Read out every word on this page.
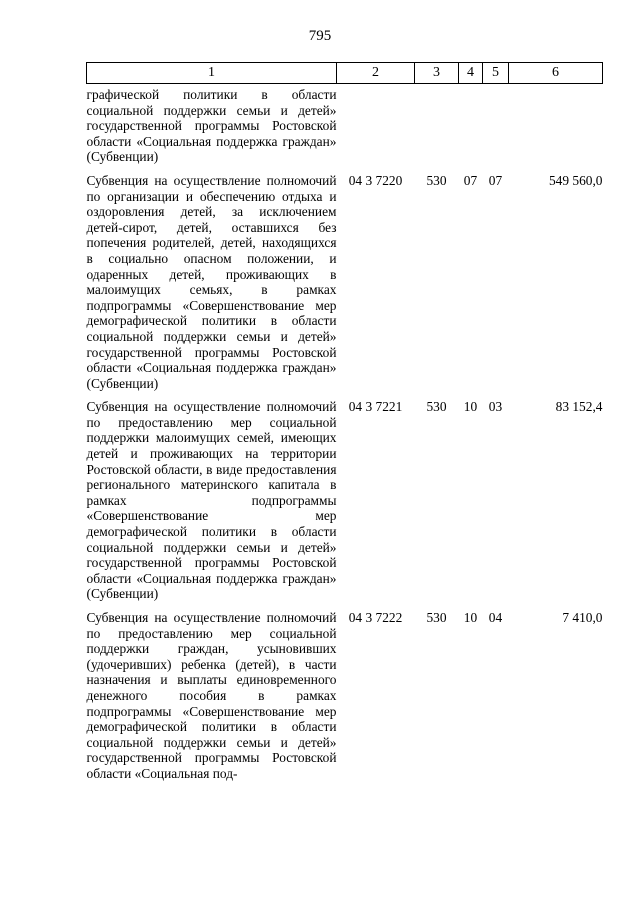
795
1	2	3	4	5	6
графической политики в области социальной поддержки семьи и детей» государственной программы Ростовской области «Социальная поддержка граждан» (Субвенции)					
Субвенция на осуществление полномочий по организации и обеспечению отдыха и оздоровления детей, за исключением детей-сирот, детей, оставшихся без попечения родителей, детей, находящихся в социально опасном положении, и одаренных детей, проживающих в малоимущих семьях, в рамках подпрограммы «Совершенствование мер демографической политики в области социальной поддержки семьи и детей» государственной программы Ростовской области «Социальная поддержка граждан» (Субвенции)	04 3 7220	530	07	07	549 560,0
Субвенция на осуществление полномочий по предоставлению мер социальной поддержки малоимущих семей, имеющих детей и проживающих на территории Ростовской области, в виде предоставления регионального материнского капитала в рамках подпрограммы «Совершенствование мер демографической политики в области социальной поддержки семьи и детей» государственной программы Ростовской области «Социальная поддержка граждан» (Субвенции)	04 3 7221	530	10	03	83 152,4
Субвенция на осуществление полномочий по предоставлению мер социальной поддержки граждан, усыновивших (удочеривших) ребенка (детей), в части назначения и выплаты единовременного денежного пособия в рамках подпрограммы «Совершенствование мер демографической политики в области социальной поддержки семьи и детей» государственной программы Ростовской области «Социальная под-	04 3 7222	530	10	04	7 410,0
